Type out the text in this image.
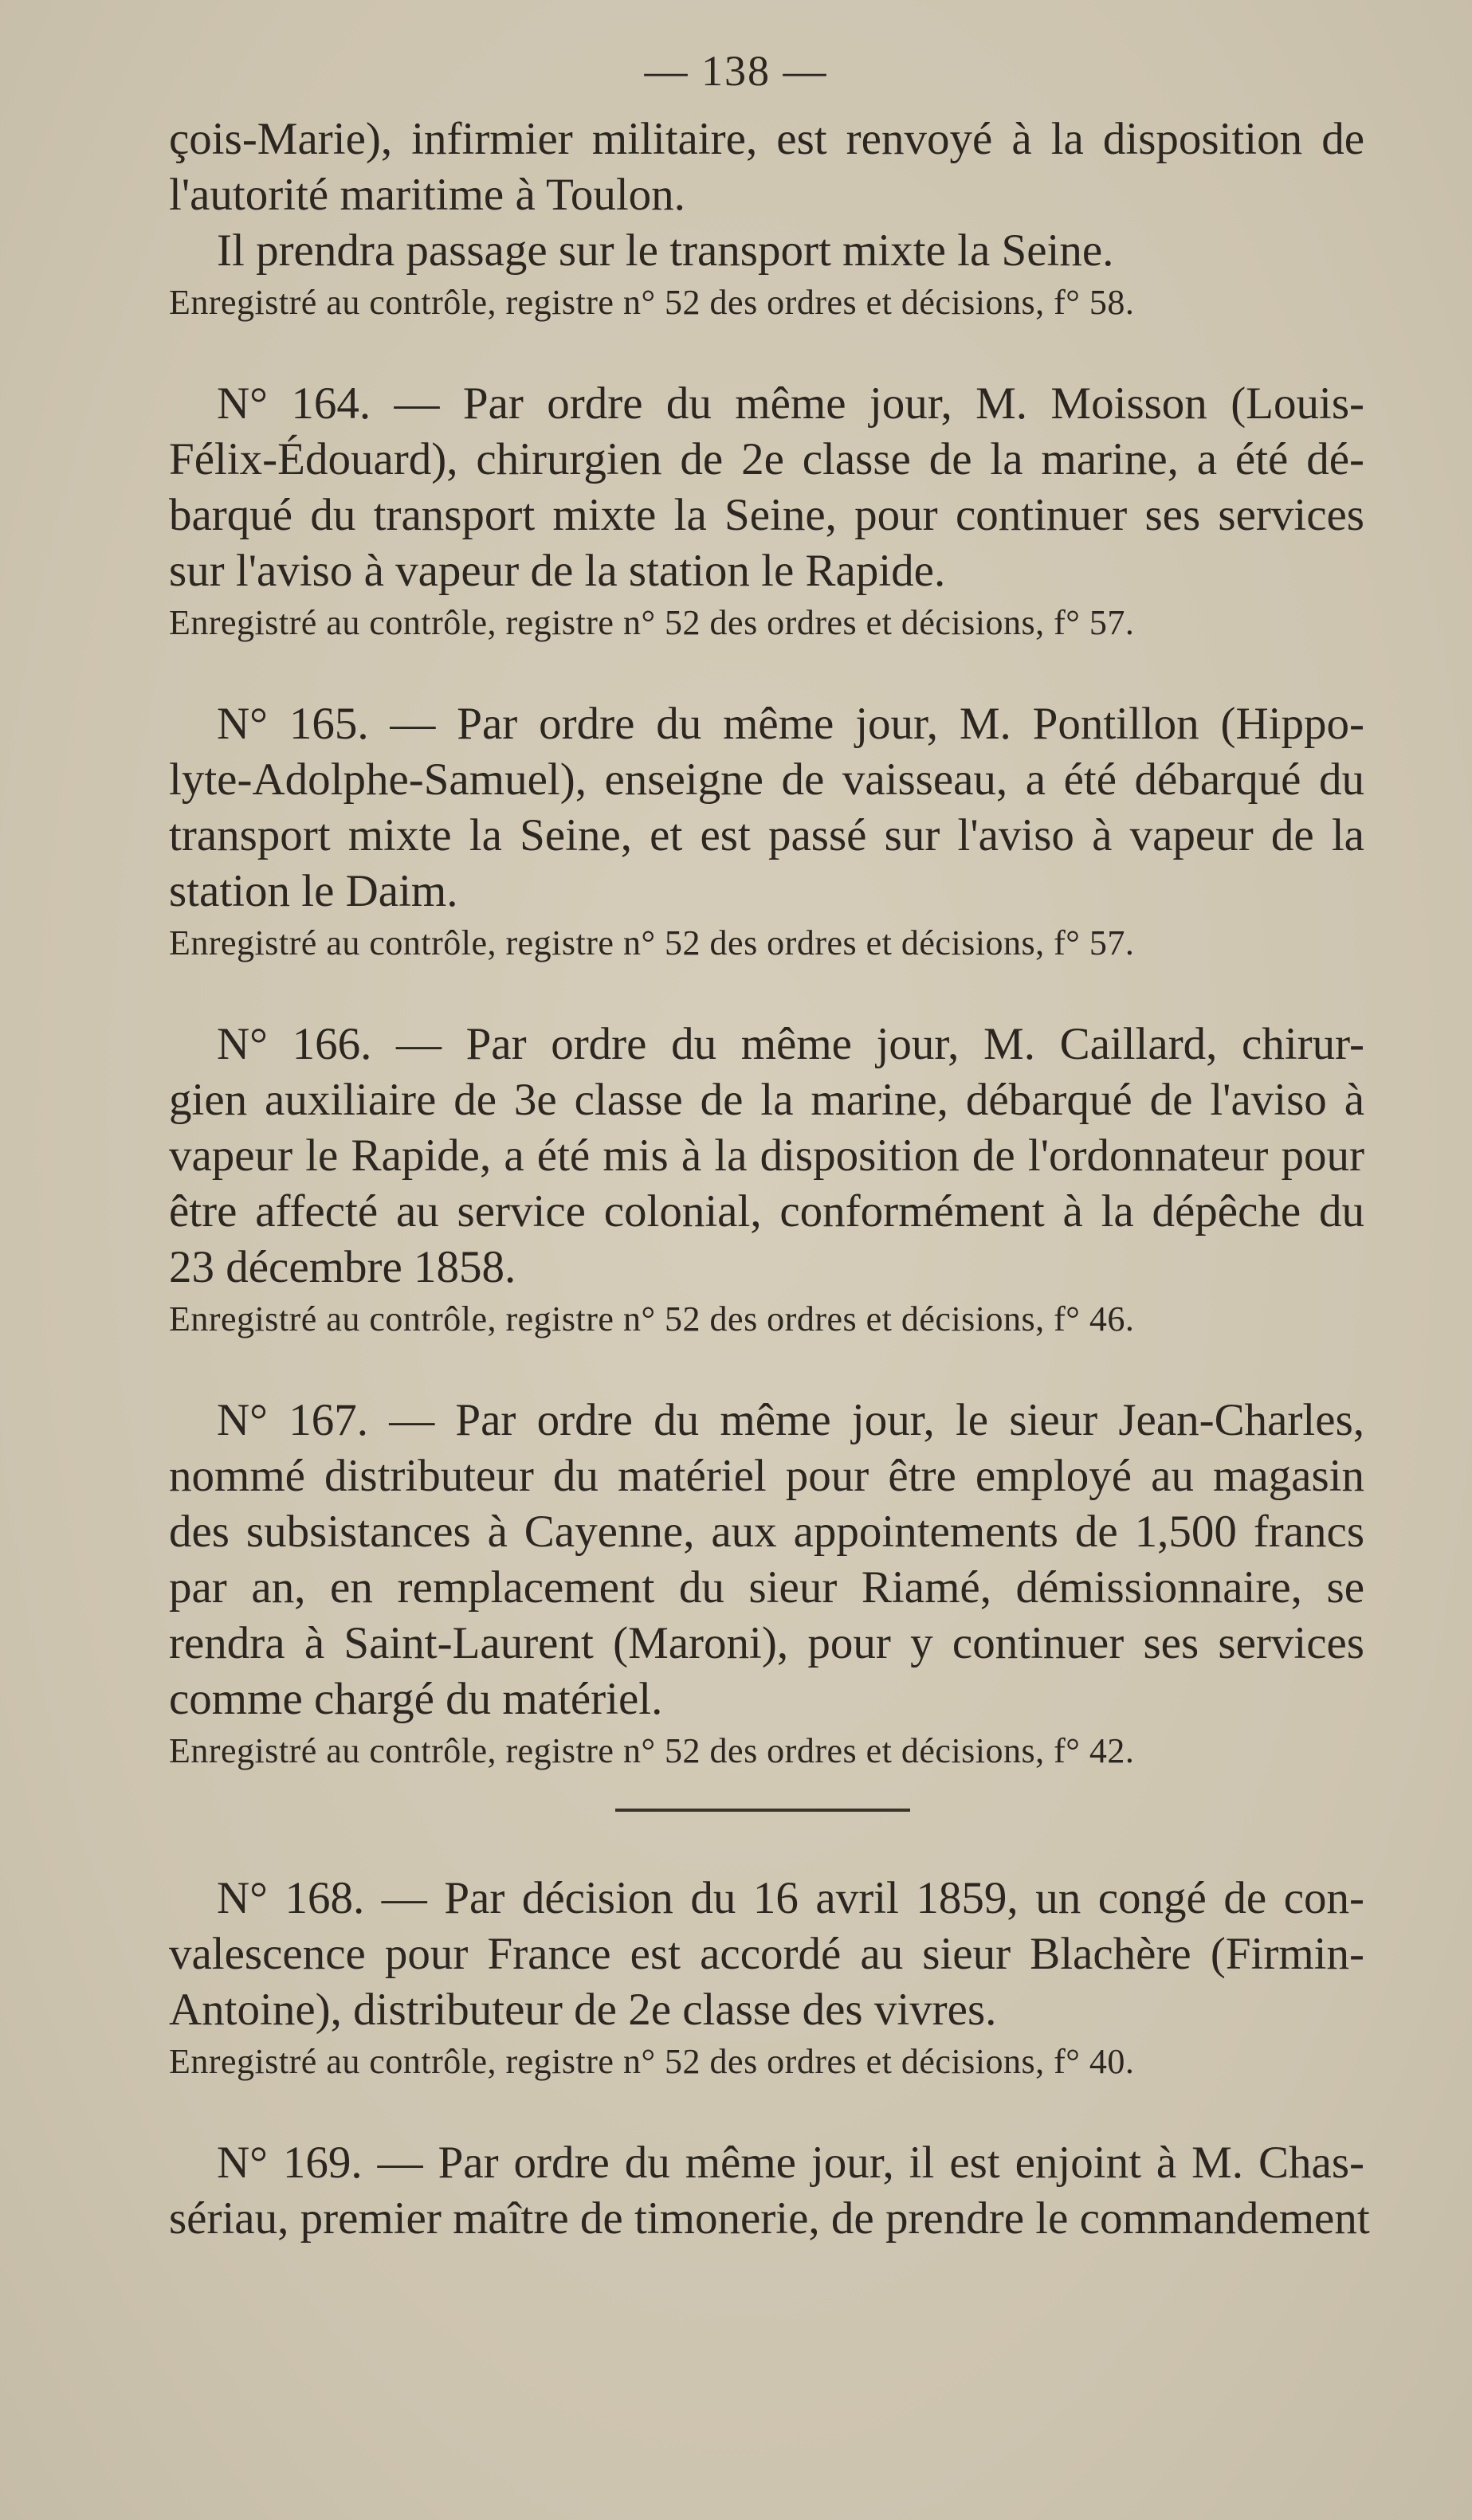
— 138 —
çois-Marie), infirmier militaire, est renvoyé à la disposition de
l'autorité maritime à Toulon.
Il prendra passage sur le transport mixte la Seine.
Enregistré au contrôle, registre n° 52 des ordres et décisions, f° 58.
N° 164. — Par ordre du même jour, M. Moisson (Louis-
Félix-Édouard), chirurgien de 2e classe de la marine, a été dé-
barqué du transport mixte la Seine, pour continuer ses services
sur l'aviso à vapeur de la station le Rapide.
Enregistré au contrôle, registre n° 52 des ordres et décisions, f° 57.
N° 165. — Par ordre du même jour, M. Pontillon (Hippo-
lyte-Adolphe-Samuel), enseigne de vaisseau, a été débarqué du
transport mixte la Seine, et est passé sur l'aviso à vapeur de la
station le Daim.
Enregistré au contrôle, registre n° 52 des ordres et décisions, f° 57.
N° 166. — Par ordre du même jour, M. Caillard, chirur-
gien auxiliaire de 3e classe de la marine, débarqué de l'aviso à
vapeur le Rapide, a été mis à la disposition de l'ordonnateur pour
être affecté au service colonial, conformément à la dépêche du
23 décembre 1858.
Enregistré au contrôle, registre n° 52 des ordres et décisions, f° 46.
N° 167. — Par ordre du même jour, le sieur Jean-Charles,
nommé distributeur du matériel pour être employé au magasin
des subsistances à Cayenne, aux appointements de 1,500 francs
par an, en remplacement du sieur Riamé, démissionnaire, se
rendra à Saint-Laurent (Maroni), pour y continuer ses services
comme chargé du matériel.
Enregistré au contrôle, registre n° 52 des ordres et décisions, f° 42.
N° 168. — Par décision du 16 avril 1859, un congé de con-
valescence pour France est accordé au sieur Blachère (Firmin-
Antoine), distributeur de 2e classe des vivres.
Enregistré au contrôle, registre n° 52 des ordres et décisions, f° 40.
N° 169. — Par ordre du même jour, il est enjoint à M. Chas-
sériau, premier maître de timonerie, de prendre le commandement
